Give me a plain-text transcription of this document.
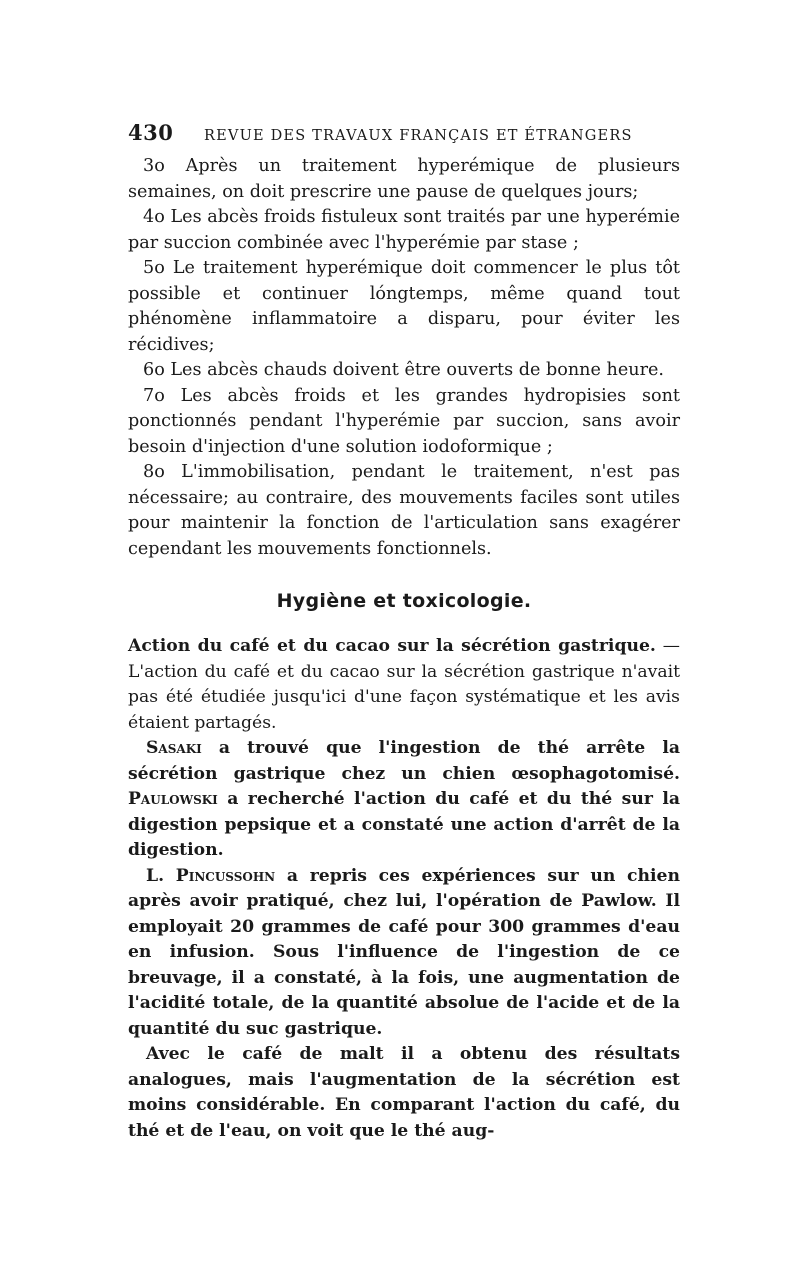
430	REVUE DES TRAVAUX FRANÇAIS ET ÉTRANGERS

3o Après un traitement hyperémique de plusieurs semaines, on doit prescrire une pause de quelques jours;

4o Les abcès froids fistuleux sont traités par une hyperémie par succion combinée avec l'hyperémie par stase ;

5o Le traitement hyperémique doit commencer le plus tôt possible et continuer lóngtemps, même quand tout phénomène inflammatoire a disparu, pour éviter les récidives;

6o Les abcès chauds doivent être ouverts de bonne heure.

7o Les abcès froids et les grandes hydropisies sont ponctionnés pendant l'hyperémie par succion, sans avoir besoin d'injection d'une solution iodoformique ;

8o L'immobilisation, pendant le traitement, n'est pas nécessaire; au contraire, des mouvements faciles sont utiles pour maintenir la fonction de l'articulation sans exagérer cependant les mouvements fonctionnels.

Hygiène et toxicologie.

Action du café et du cacao sur la sécrétion gastrique. — L'action du café et du cacao sur la sécrétion gastrique n'avait pas été étudiée jusqu'ici d'une façon systématique et les avis étaient partagés.

Sasaki a trouvé que l'ingestion de thé arrête la sécrétion gastrique chez un chien œsophagotomisé. Paulowski a recherché l'action du café et du thé sur la digestion pepsique et a constaté une action d'arrêt de la digestion.

L. Pincussohn a repris ces expériences sur un chien après avoir pratiqué, chez lui, l'opération de Pawlow. Il employait 20 grammes de café pour 300 grammes d'eau en infusion. Sous l'influence de l'ingestion de ce breuvage, il a constaté, à la fois, une augmentation de l'acidité totale, de la quantité absolue de l'acide et de la quantité du suc gastrique.

Avec le café de malt il a obtenu des résultats analogues, mais l'augmentation de la sécrétion est moins considérable. En comparant l'action du café, du thé et de l'eau, on voit que le thé aug-
